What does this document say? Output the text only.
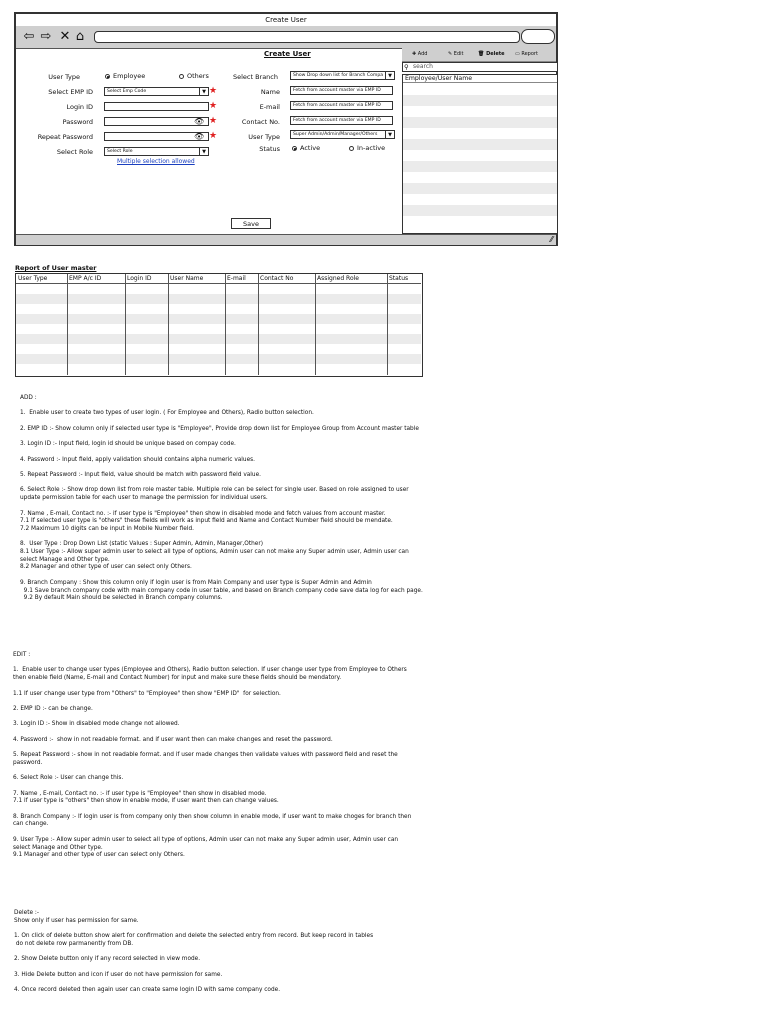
Create User
⇦ ⇨ ✕ ⌂
Create User
User Type	Employee	Others
Select EMP ID	Select Emp Code	▼ ★
Login ID	★
Password	👁 ★
Repeat Password	👁 ★
Select Role	Select Role	▼
Multiple selection allowed
Select Branch	Show Drop down list for Branch Compa ▼
Name	Fetch from account master via EMP ID
E-mail	Fetch from account master via EMP ID
Contact No.	Fetch from account master via EMP ID
User Type	Super Admin/Admin/Manager/Others	▼
Status	Active	In-active
Save
✚ Add	✎ Edit	🗑 Delete ▭ Report
⚲ search
Employee/User Name
⁄⁄
Report of User master
User Type	EMP A/c ID	Login ID	User Name	E-mail	Contact No	Assigned Role	Status
ADD :

1.  Enable user to create two types of user login. ( For Employee and Others), Radio button selection.

2. EMP ID :- Show column only if selected user type is "Employee", Provide drop down list for Employee Group from Account master table

3. Login ID :- Input field, login id should be unique based on compay code.

4. Password :- Input field, apply validation should contains alpha numeric values.

5. Repeat Password :- Input field, value should be match with password field value.

6. Select Role :- Show drop down list from role master table. Multiple role can be select for single user. Based on role assigned to user
update permission table for each user to manage the permission for individual users.

7. Name , E-mail, Contact no. :- if user type is "Employee" then show in disabled mode and fetch values from account master.
7.1 If selected user type is "others" these fields will work as input field and Name and Contact Number field should be mendate.
7.2 Maximum 10 digits can be input in Mobile Number field.

8.  User Type : Drop Down List (static Values : Super Admin, Admin, Manager,Other)
8.1 User Type :- Allow super admin user to select all type of options, Admin user can not make any Super admin user, Admin user can
select Manage and Other type.
8.2 Manager and other type of user can select only Others.

9. Branch Company : Show this column only if login user is from Main Company and user type is Super Admin and Admin
9.1 Save branch company code with main company code in user table, and based on Branch company code save data log for each page.
9.2 By default Main should be selected in Branch company columns.
EDIT :

1.  Enable user to change user types (Employee and Others), Radio button selection. If user change user type from Employee to Others
then enable field (Name, E-mail and Contact Number) for input and make sure these fields should be mendatory.

1.1 If user change user type from "Others" to "Employee" then show "EMP ID"  for selection.

2. EMP ID :- can be change.

3. Login ID :- Show in disabled mode change not allowed.

4. Password :-  show in not readable format. and if user want then can make changes and reset the password.

5. Repeat Password :- show in not readable format. and if user made changes then validate values with password field and reset the
password.

6. Select Role :- User can change this.

7. Name , E-mail, Contact no. :- if user type is "Employee" then show in disabled mode.
7.1 if user type is "others" then show in enable mode, if user want then can change values.

8. Branch Company :- If login user is from company only then show column in enable mode, if user want to make choges for branch then
can change.

9. User Type :- Allow super admin user to select all type of options, Admin user can not make any Super admin user, Admin user can
select Manage and Other type.
9.1 Manager and other type of user can select only Others.
Delete :-
Show only if user has permission for same.

1. On click of delete button show alert for confirmation and delete the selected entry from record. But keep record in tables
do not delete row parmanently from DB.

2. Show Delete button only if any record selected in view mode.

3. Hide Delete button and icon if user do not have permission for same.

4. Once record deleted then again user can create same login ID with same company code.
